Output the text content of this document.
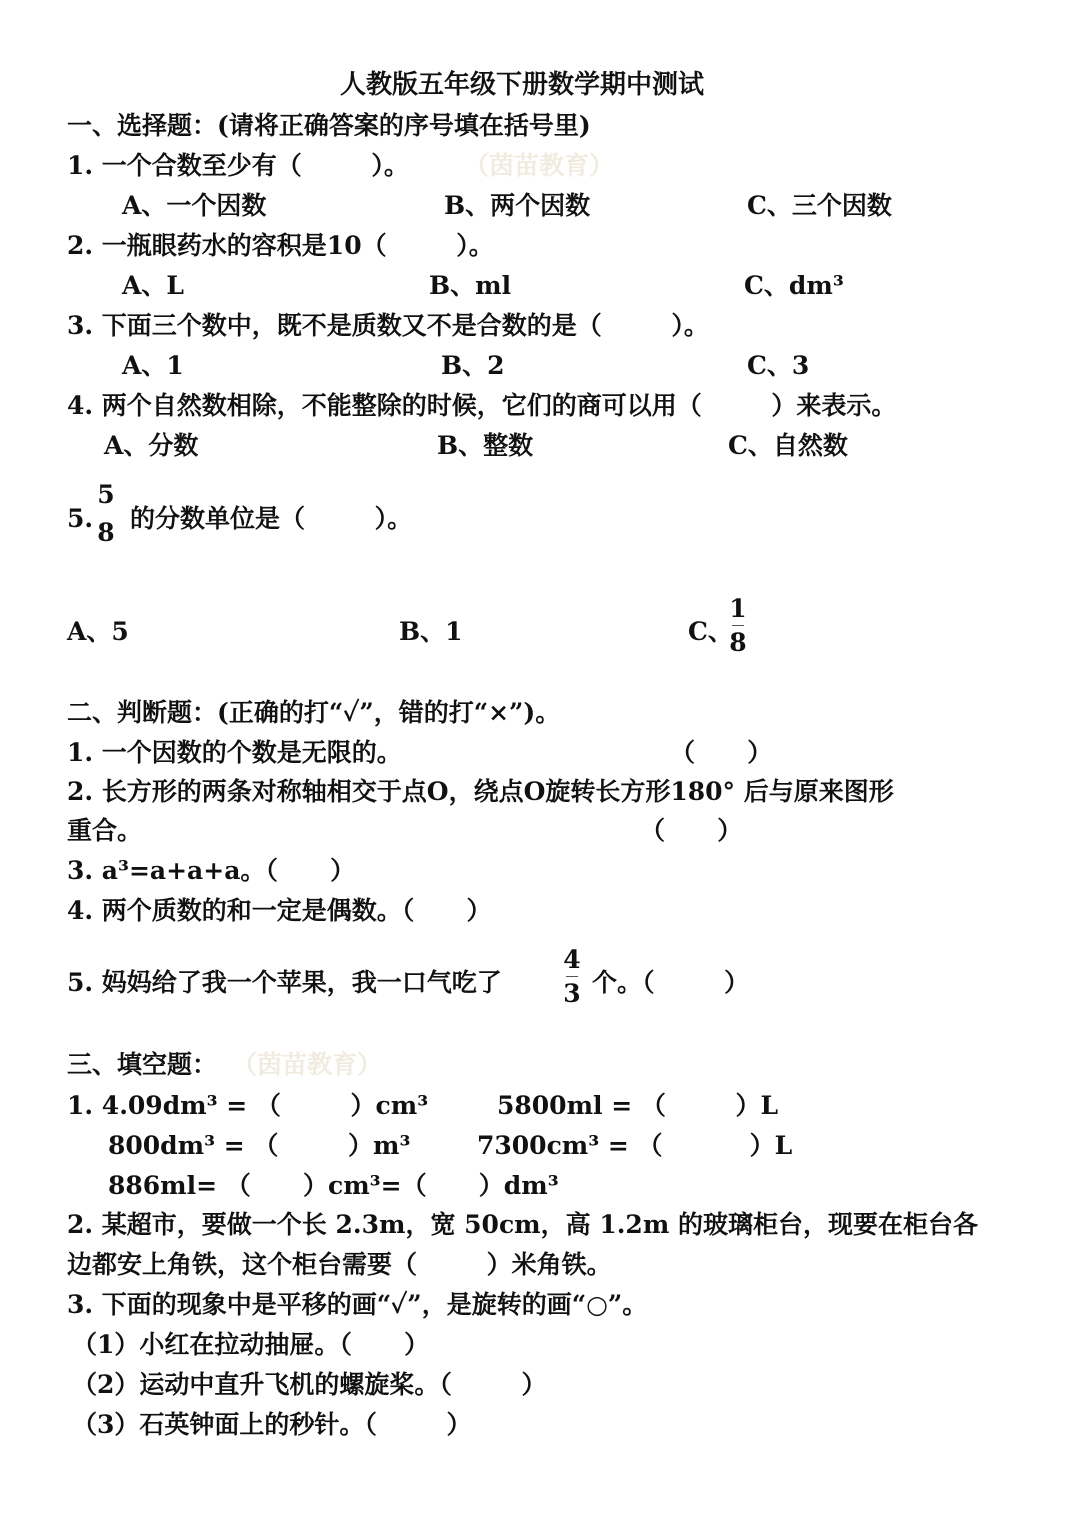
人教版五年级下册数学期中测试
一、选择题：(请将正确答案的序号填在括号里)
1. 一个合数至少有（        ）。 （茵苗教育）
A、一个因数	B、两个因数	C、三个因数
2. 一瓶眼药水的容积是10（        ）。
A、L	B、ml	C、dm³
3. 下面三个数中，既不是质数又不是合数的是（        ）。
A、1	B、2	C、3
4. 两个自然数相除，不能整除的时候，它们的商可以用（        ）来表示。
A、分数	B、整数	C、自然数
5.
5
8 的分数单位是（        ）。
A、5	B、1	C、
1
8
二、判断题：(正确的打“✓”，错的打“×”)。
1. 一个因数的个数是无限的。	（      ）
2. 长方形的两条对称轴相交于点O，绕点O旋转长方形180° 后与原来图形
重合。	（      ）
3. a³=a+a+a。（      ）
4. 两个质数的和一定是偶数。（      ）
5. 妈妈给了我一个苹果，我一口气吃了
4
3 个。（        ）
三、填空题： （茵苗教育）
1. 4.09dm³ = （        ）cm³	5800ml = （        ）L
800dm³ = （        ）m³	7300cm³ = （          ）L
886ml= （      ）cm³=（      ）dm³
2. 某超市，要做一个长 2.3m，宽 50cm，高 1.2m 的玻璃柜台，现要在柜台各
边都安上角铁，这个柜台需要（        ）米角铁。
3. 下面的现象中是平移的画“✓”，是旋转的画“○”。
（1）小红在拉动抽屉。（      ）
（2）运动中直升飞机的螺旋桨。（        ）
（3）石英钟面上的秒针。（        ）
